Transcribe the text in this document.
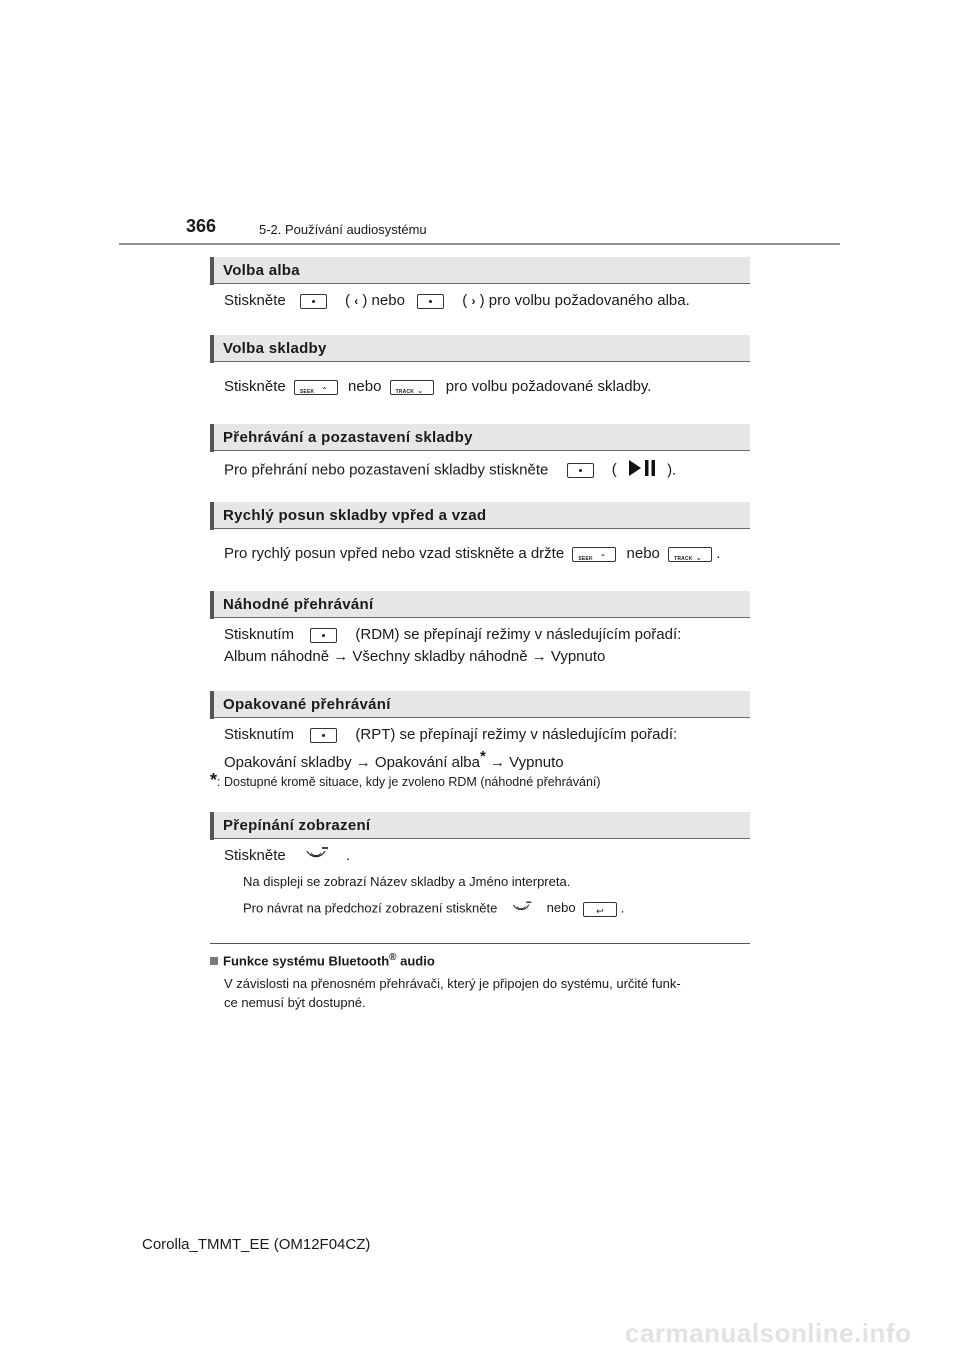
366	5-2. Používání audiosystému
Volba alba
Stiskněte	( ‹ ) nebo	( › ) pro volbu požadovaného alba.
Volba skladby
Stiskněte	SEEK ⌃ nebo	TRACK ⌄ pro volbu požadované skladby.
Přehrávání a pozastavení skladby
Pro přehrání nebo pozastavení skladby stiskněte	(	).
Rychlý posun skladby vpřed a vzad
Pro rychlý posun vpřed nebo vzad stiskněte a držte	SEEK ⌃ nebo	TRACK ⌄ .
Náhodné přehrávání
Stisknutím	(RDM) se přepínají režimy v následujícím pořadí:
Album náhodně → Všechny skladby náhodně → Vypnuto
Opakované přehrávání
Stisknutím	(RPT) se přepínají režimy v následujícím pořadí:
Opakování skladby → Opakování alba* → Vypnuto
*: Dostupné kromě situace, kdy je zvoleno RDM (náhodné přehrávání)
Přepínání zobrazení
Stiskněte	.
Na displeji se zobrazí Název skladby a Jméno interpreta.
Pro návrat na předchozí zobrazení stiskněte	nebo ↩ .
Funkce systému Bluetooth® audio
V závislosti na přenosném přehrávači, který je připojen do systému, určité funk-
ce nemusí být dostupné.
Corolla_TMMT_EE (OM12F04CZ)
carmanualsonline.info
